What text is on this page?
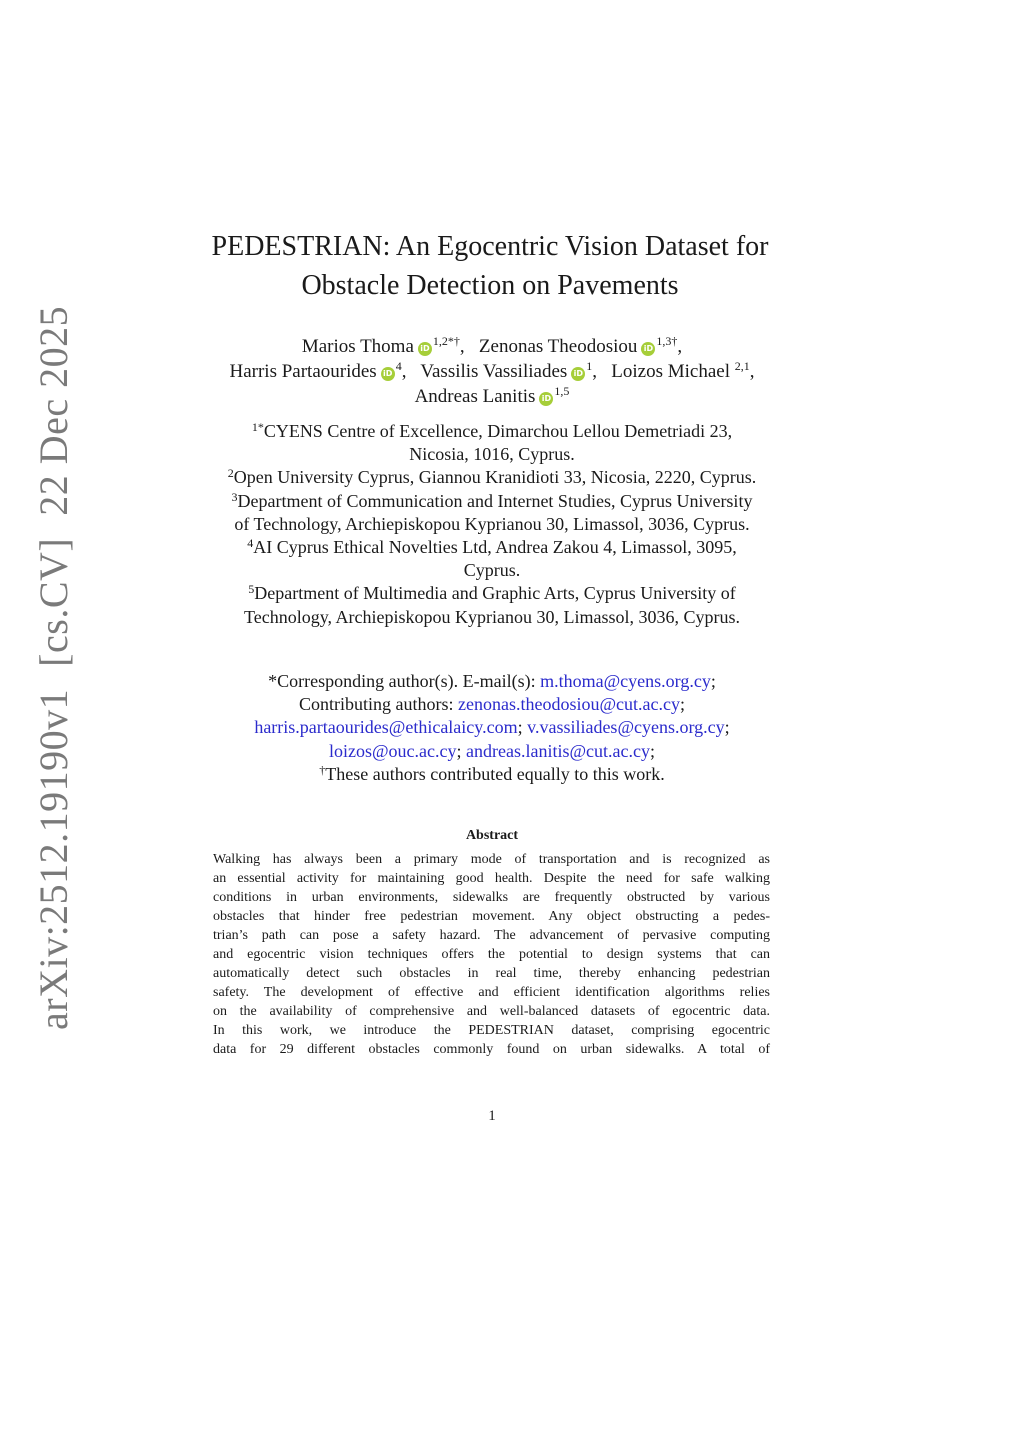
arXiv:2512.19190v1[cs.CV]22 Dec 2025
PEDESTRIAN: An Egocentric Vision Dataset for
Obstacle Detection on Pavements
Marios Thoma $iD^{1,2*\dagger}$, Zenonas Theodosiou $iD^{1,3\dagger}$,
Harris Partaourides $iD^4$, Vassilis Vassiliades $iD^1$, Loizos Michael $^{2,1}$,
Andreas Lanitis iD$^{1,5}$
$^{1*}$CYENS Centre of Excellence, Dimarchou Lellou Demetriadi 23,
Nicosia, 1016, Cyprus.
$^2$Open University Cyprus, Giannou Kranidioti 33, Nicosia, 2220, Cyprus.
$^3$Department of Communication and Internet Studies, Cyprus University
of Technology, Archiepiskopou Kyprianou 30, Limassol, 3036, Cyprus.
$^4$AI Cyprus Ethical Novelties Ltd, Andrea Zakou 4, Limassol, 3095,
Cyprus.
$^5$Department of Multimedia and Graphic Arts, Cyprus University of
Technology, Archiepiskopou Kyprianou 30, Limassol, 3036, Cyprus.
*Corresponding author(s). E-mail(s): m.thoma@cyens.org.cy;
Contributing authors: zenonas.theodosiou@cut.ac.cy;
harris.partaourides@ethicalaicy.com; v.vassiliades@cyens.org.cy;
loizos@ouc.ac.cy; andreas.lanitis@cut.ac.cy;
†These authors contributed equally to this work.
Abstract
Walking has always been a primary mode of transportation and is recognized as
an essential activity for maintaining good health. Despite the need for safe walking
conditions in urban environments, sidewalks are frequently obstructed by various
obstacles that hinder free pedestrian movement. Any object obstructing a pedes-
trian’s path can pose a safety hazard. The advancement of pervasive computing
and egocentric vision techniques offers the potential to design systems that can
automatically detect such obstacles in real time, thereby enhancing pedestrian
safety. The development of effective and efficient identification algorithms relies
on the availability of comprehensive and well-balanced datasets of egocentric data.
In this work, we introduce the PEDESTRIAN dataset, comprising egocentric
data for 29 different obstacles commonly found on urban sidewalks. A total of
1
